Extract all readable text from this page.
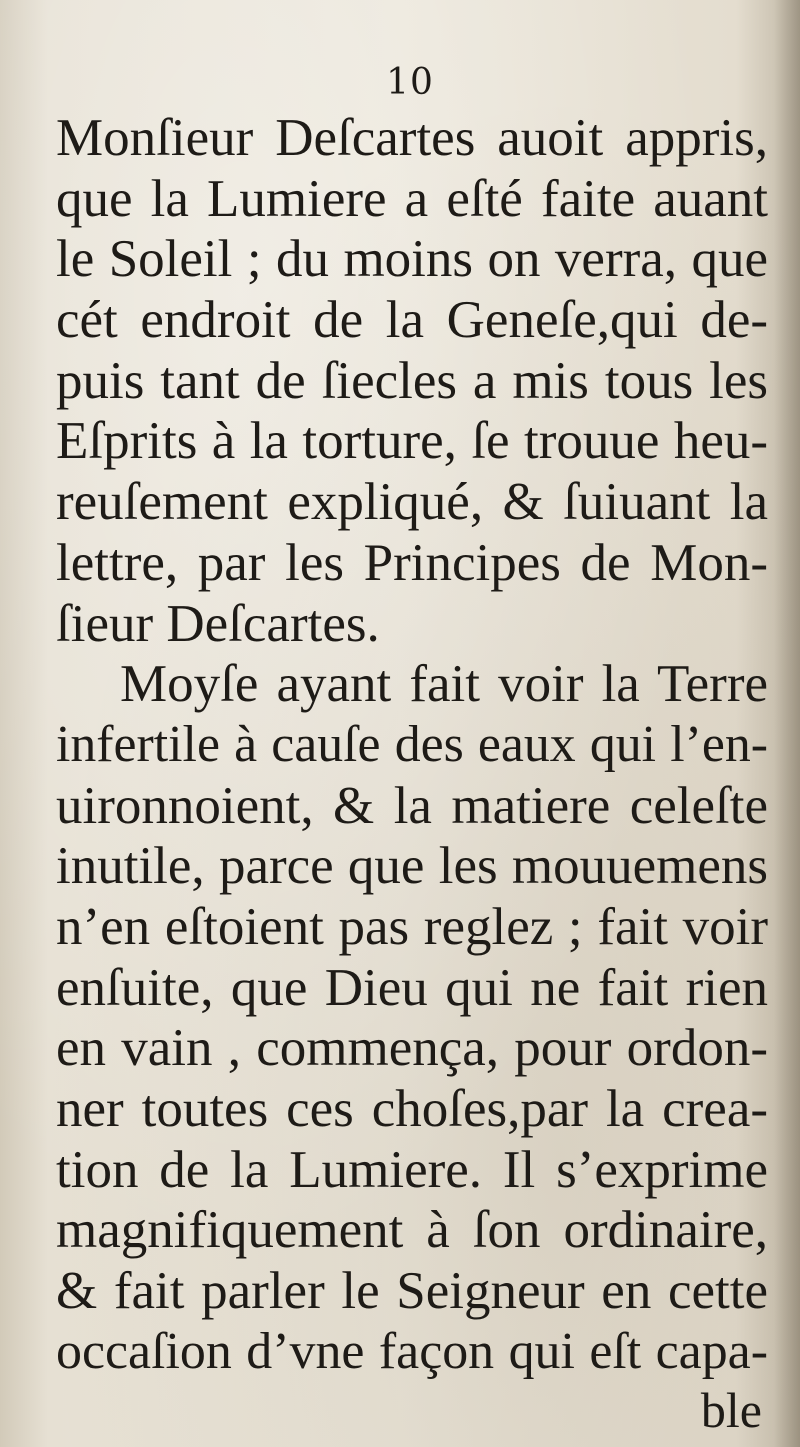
10
Monſieur Deſcartes auoit appris,
que la Lumiere a eſté faite auant
le Soleil ; du moins on verra, que
cét endroit de la Geneſe,qui de-
puis tant de ſiecles a mis tous les
Eſprits à la torture, ſe trouue heu-
reuſement expliqué, & ſuiuant la
lettre, par les Principes de Mon-
ſieur Deſcartes.
Moyſe ayant fait voir la Terre
infertile à cauſe des eaux qui l’en-
uironnoient, & la matiere celeſte
inutile, parce que les mouuemens
n’en eſtoient pas reglez ; fait voir
enſuite, que Dieu qui ne fait rien
en vain , commença, pour ordon-
ner toutes ces choſes,par la crea-
tion de la Lumiere. Il s’exprime
magnifiquement à ſon ordinaire,
& fait parler le Seigneur en cette
occaſion d’vne façon qui eſt capa-
ble
